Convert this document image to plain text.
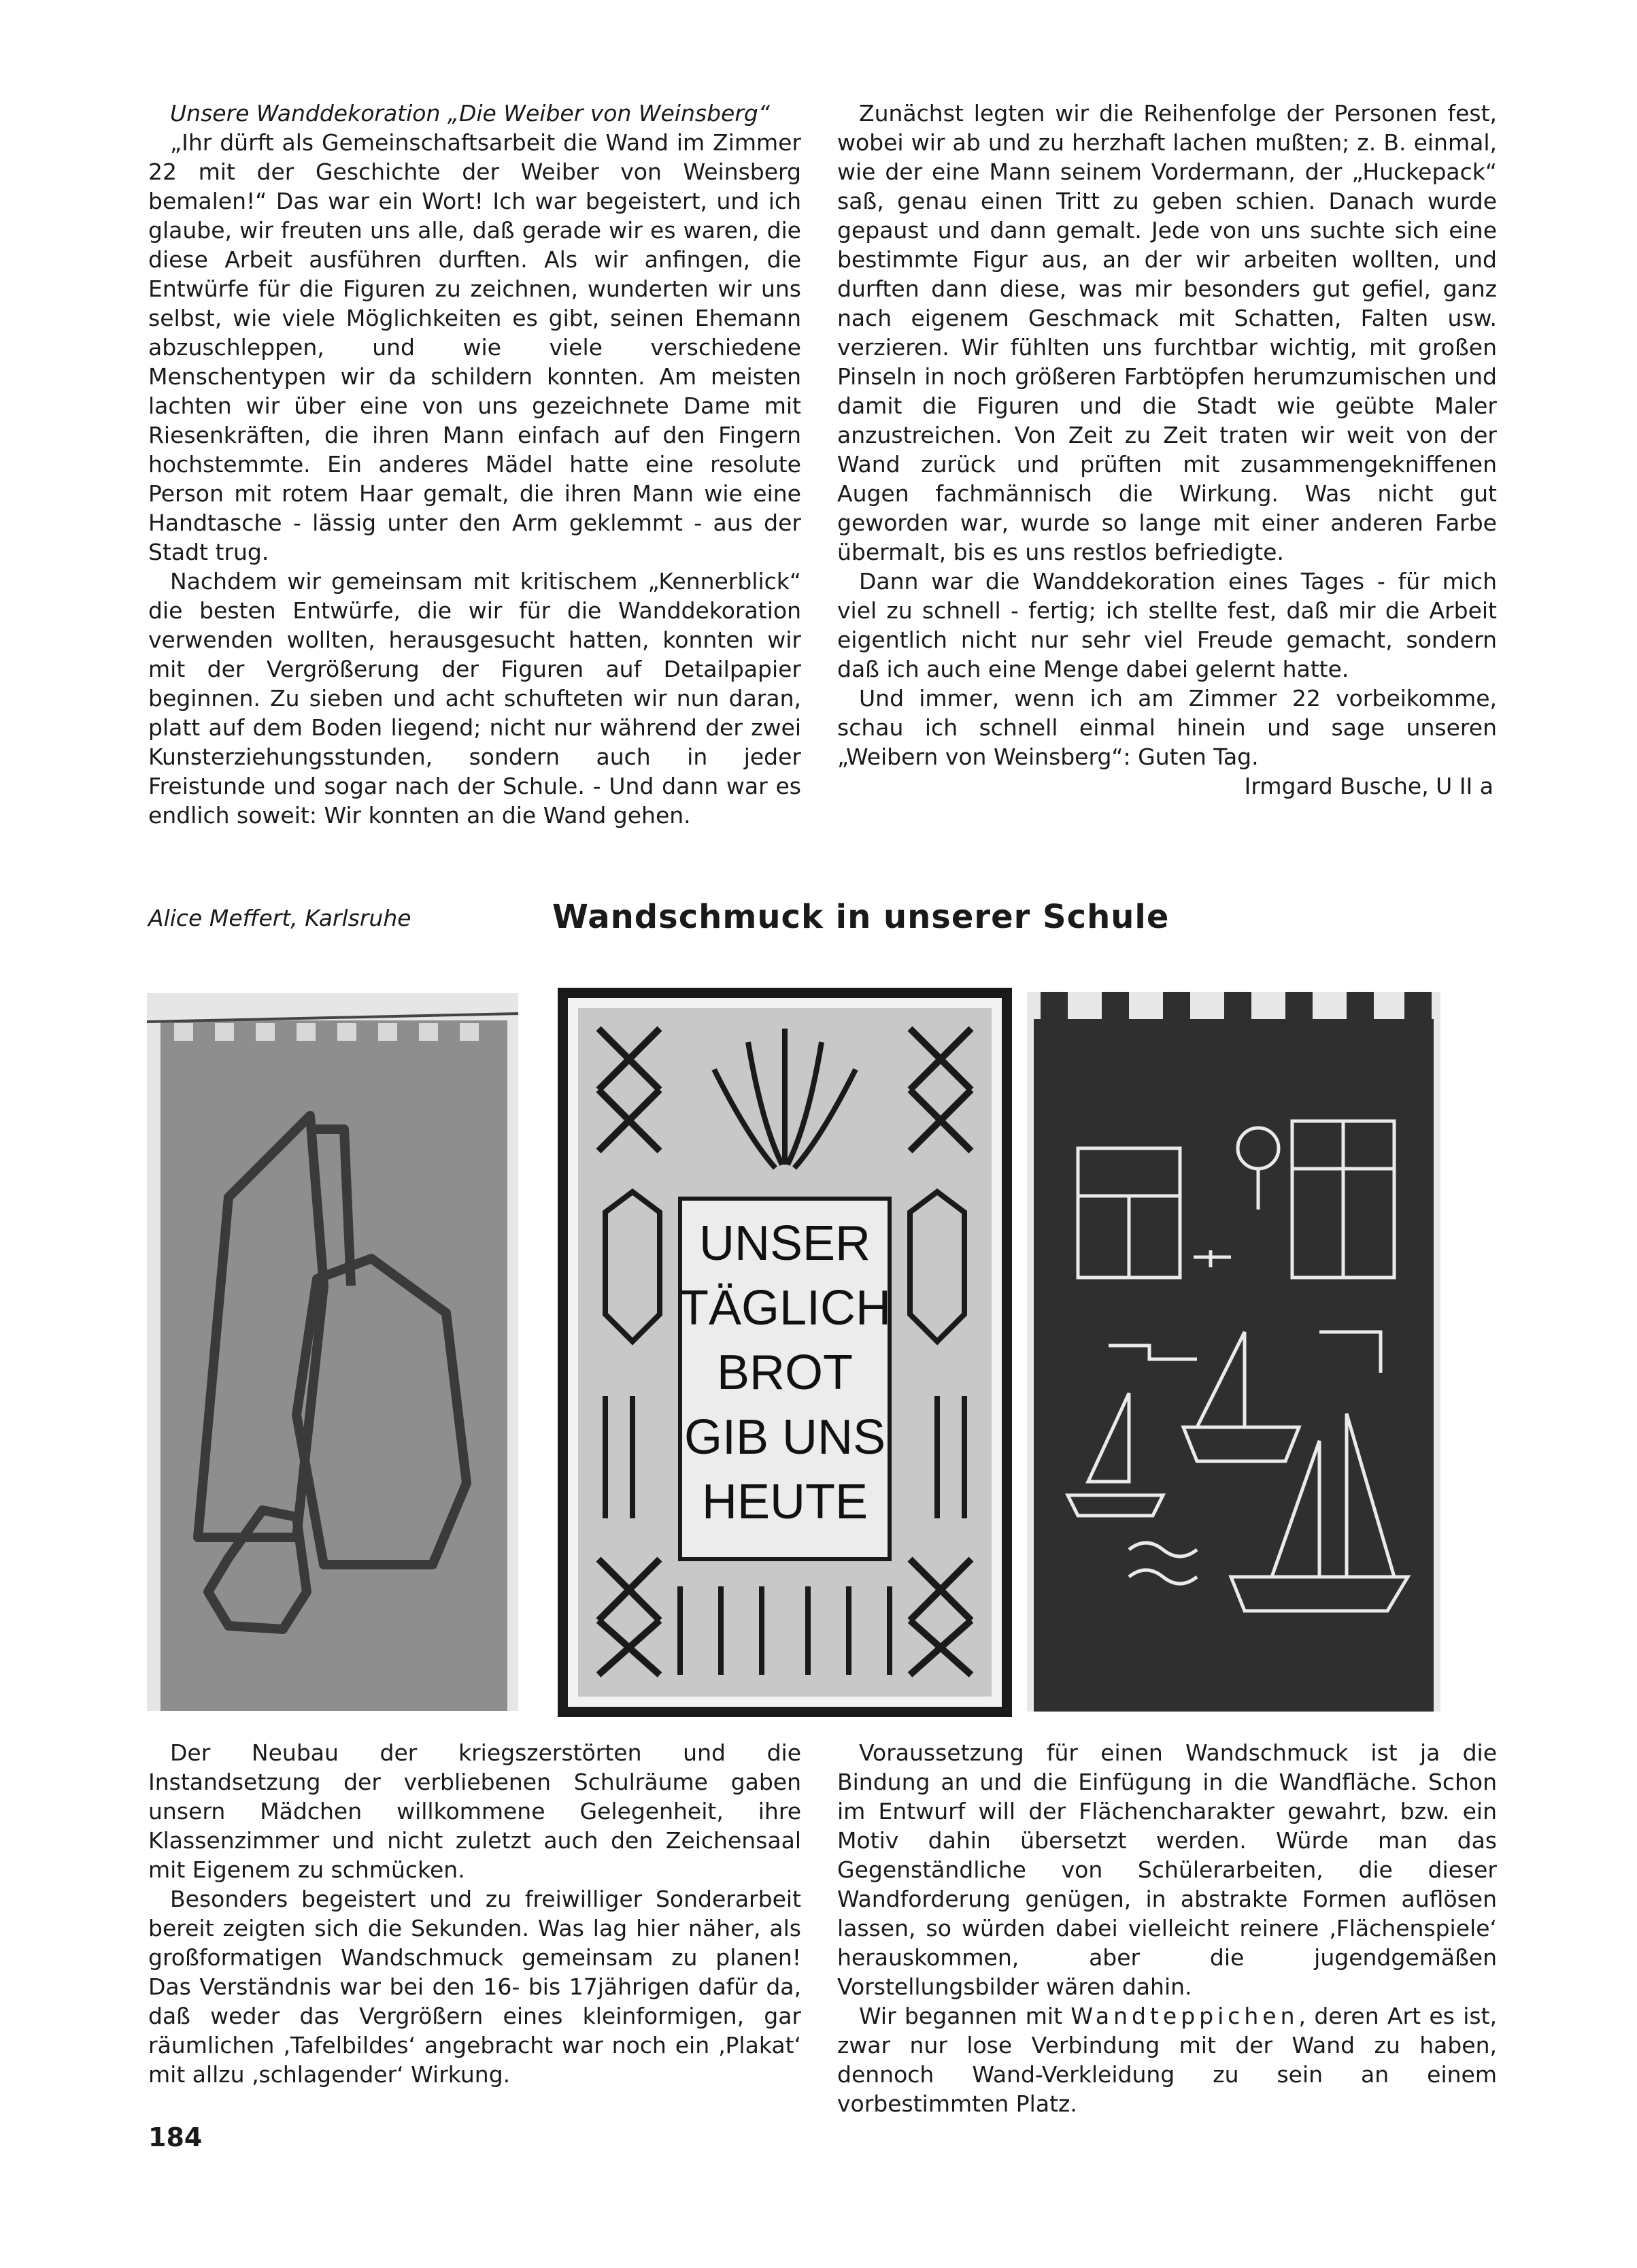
Unsere Wanddekoration „Die Weiber von Weinsberg“

„Ihr dürft als Gemeinschaftsarbeit die Wand im Zimmer 22 mit der Geschichte der Weiber von Weinsberg bemalen!“ Das war ein Wort! Ich war begeistert, und ich glaube, wir freuten uns alle, daß gerade wir es waren, die diese Arbeit ausführen durften. Als wir anfingen, die Entwürfe für die Figuren zu zeichnen, wunderten wir uns selbst, wie viele Möglichkeiten es gibt, seinen Ehemann abzuschleppen, und wie viele verschiedene Menschentypen wir da schildern konnten. Am meisten lachten wir über eine von uns gezeichnete Dame mit Riesenkräften, die ihren Mann einfach auf den Fingern hochstemmte. Ein anderes Mädel hatte eine resolute Person mit rotem Haar gemalt, die ihren Mann wie eine Handtasche - lässig unter den Arm geklemmt - aus der Stadt trug.

Nachdem wir gemeinsam mit kritischem „Kennerblick“ die besten Entwürfe, die wir für die Wanddekoration verwenden wollten, herausgesucht hatten, konnten wir mit der Vergrößerung der Figuren auf Detailpapier beginnen. Zu sieben und acht schufteten wir nun daran, platt auf dem Boden liegend; nicht nur während der zwei Kunsterziehungsstunden, sondern auch in jeder Freistunde und sogar nach der Schule. - Und dann war es endlich soweit: Wir konnten an die Wand gehen.

Zunächst legten wir die Reihenfolge der Personen fest, wobei wir ab und zu herzhaft lachen mußten; z. B. einmal, wie der eine Mann seinem Vordermann, der „Huckepack“ saß, genau einen Tritt zu geben schien. Danach wurde gepaust und dann gemalt. Jede von uns suchte sich eine bestimmte Figur aus, an der wir arbeiten wollten, und durften dann diese, was mir besonders gut gefiel, ganz nach eigenem Geschmack mit Schatten, Falten usw. verzieren. Wir fühlten uns furchtbar wichtig, mit großen Pinseln in noch größeren Farbtöpfen herumzumischen und damit die Figuren und die Stadt wie geübte Maler anzustreichen. Von Zeit zu Zeit traten wir weit von der Wand zurück und prüften mit zusammengekniffenen Augen fachmännisch die Wirkung. Was nicht gut geworden war, wurde so lange mit einer anderen Farbe übermalt, bis es uns restlos befriedigte.

Dann war die Wanddekoration eines Tages - für mich viel zu schnell - fertig; ich stellte fest, daß mir die Arbeit eigentlich nicht nur sehr viel Freude gemacht, sondern daß ich auch eine Menge dabei gelernt hatte.

Und immer, wenn ich am Zimmer 22 vorbeikomme, schau ich schnell einmal hinein und sage unseren „Weibern von Weinsberg“: Guten Tag.

Irmgard Busche, U II a

Alice Meffert, Karlsruhe	Wandschmuck in unserer Schule
UNSER
TÄGLICH
BROT
GIB UNS
HEUTE

Der Neubau der kriegszerstörten und die Instandsetzung der verbliebenen Schulräume gaben unsern Mädchen willkommene Gelegenheit, ihre Klassenzimmer und nicht zuletzt auch den Zeichensaal mit Eigenem zu schmücken.

Besonders begeistert und zu freiwilliger Sonderarbeit bereit zeigten sich die Sekunden. Was lag hier näher, als großformatigen Wandschmuck gemeinsam zu planen! Das Verständnis war bei den 16- bis 17jährigen dafür da, daß weder das Vergrößern eines kleinformigen, gar räumlichen ‚Tafelbildes‘ angebracht war noch ein ‚Plakat‘ mit allzu ‚schlagender‘ Wirkung.

Voraussetzung für einen Wandschmuck ist ja die Bindung an und die Einfügung in die Wandfläche. Schon im Entwurf will der Flächencharakter gewahrt, bzw. ein Motiv dahin übersetzt werden. Würde man das Gegenständliche von Schülerarbeiten, die dieser Wandforderung genügen, in abstrakte Formen auflösen lassen, so würden dabei vielleicht reinere ‚Flächenspiele‘ herauskommen, aber die jugendgemäßen Vorstellungsbilder wären dahin.

Wir begannen mit Wandteppichen, deren Art es ist, zwar nur lose Verbindung mit der Wand zu haben, dennoch Wand-Verkleidung zu sein an einem vorbestimmten Platz.

184
